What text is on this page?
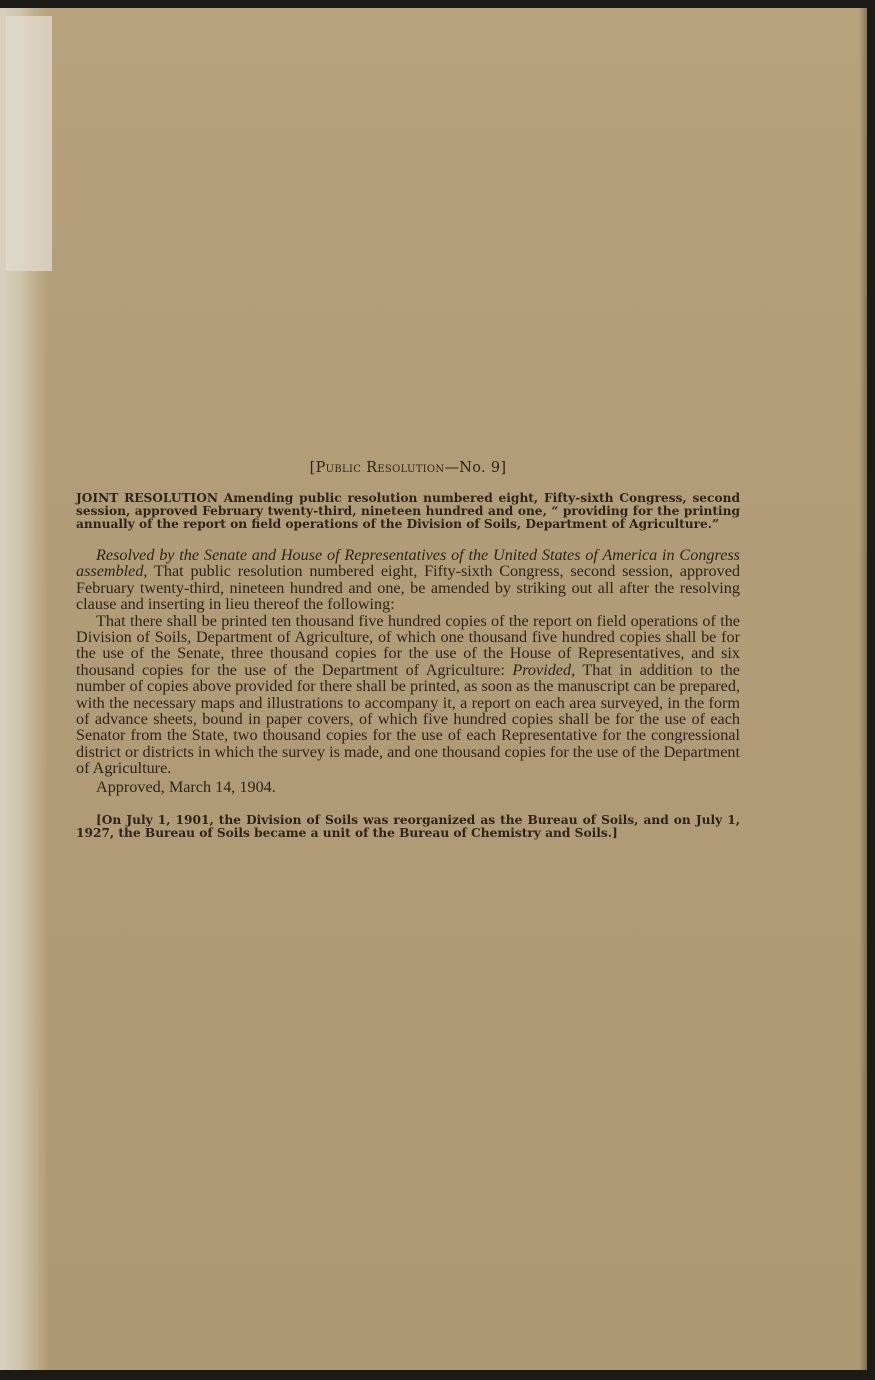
[Public Resolution—No. 9]

JOINT RESOLUTION Amending public resolution numbered eight, Fifty-sixth Congress, second session, approved February twenty-third, nineteen hundred and one, “ providing for the printing annually of the report on field operations of the Division of Soils, Department of Agriculture.”

Resolved by the Senate and House of Representatives of the United States of America in Congress assembled, That public resolution numbered eight, Fifty-sixth Congress, second session, approved February twenty-third, nineteen hundred and one, be amended by striking out all after the resolving clause and inserting in lieu thereof the following:

That there shall be printed ten thousand five hundred copies of the report on field operations of the Division of Soils, Department of Agriculture, of which one thousand five hundred copies shall be for the use of the Senate, three thousand copies for the use of the House of Representatives, and six thousand copies for the use of the Department of Agriculture: Provided, That in addition to the number of copies above provided for there shall be printed, as soon as the manuscript can be prepared, with the necessary maps and illustrations to accompany it, a report on each area surveyed, in the form of advance sheets, bound in paper covers, of which five hundred copies shall be for the use of each Senator from the State, two thousand copies for the use of each Representative for the congressional district or districts in which the survey is made, and one thousand copies for the use of the Department of Agriculture.

Approved, March 14, 1904.

[On July 1, 1901, the Division of Soils was reorganized as the Bureau of Soils, and on July 1, 1927, the Bureau of Soils became a unit of the Bureau of Chemistry and Soils.]
